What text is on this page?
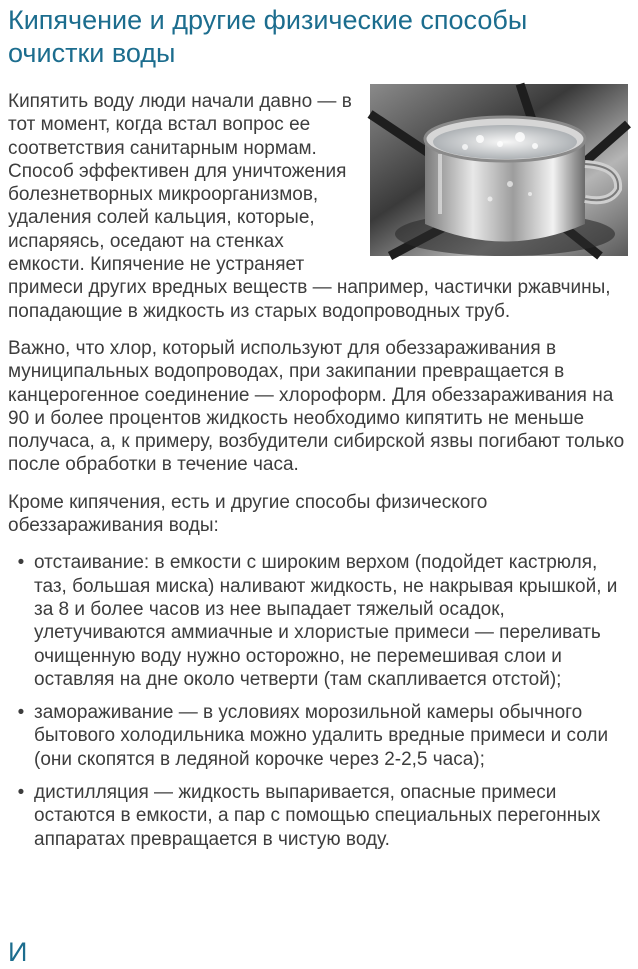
Кипячение и другие физические способы очистки воды

Кипятить воду люди начали давно — в тот момент, когда встал вопрос ее соответствия санитарным нормам. Способ эффективен для уничтожения болезнетворных микроорганизмов, удаления солей кальция, которые, испаряясь, оседают на стенках емкости. Кипячение не устраняет примеси других вредных веществ — например, частички ржавчины, попадающие в жидкость из старых водопроводных труб.

Важно, что хлор, который используют для обеззараживания в муниципальных водопроводах, при закипании превращается в канцерогенное соединение — хлороформ. Для обеззараживания на 90 и более процентов жидкость необходимо кипятить не меньше получаса, а, к примеру, возбудители сибирской язвы погибают только после обработки в течение часа.

Кроме кипячения, есть и другие способы физического обеззараживания воды:

• отстаивание: в емкости с широким верхом (подойдет кастрюля, таз, большая миска) наливают жидкость, не накрывая крышкой, и за 8 и более часов из нее выпадает тяжелый осадок, улетучиваются аммиачные и хлористые примеси — переливать очищенную воду нужно осторожно, не перемешивая слои и оставляя на дне около четверти (там скапливается отстой);
• замораживание — в условиях морозильной камеры обычного бытового холодильника можно удалить вредные примеси и соли (они скопятся в ледяной корочке через 2-2,5 часа);
• дистилляция — жидкость выпаривается, опасные примеси остаются в емкости, а пар с помощью специальных перегонных аппаратах превращается в чистую воду.
И
